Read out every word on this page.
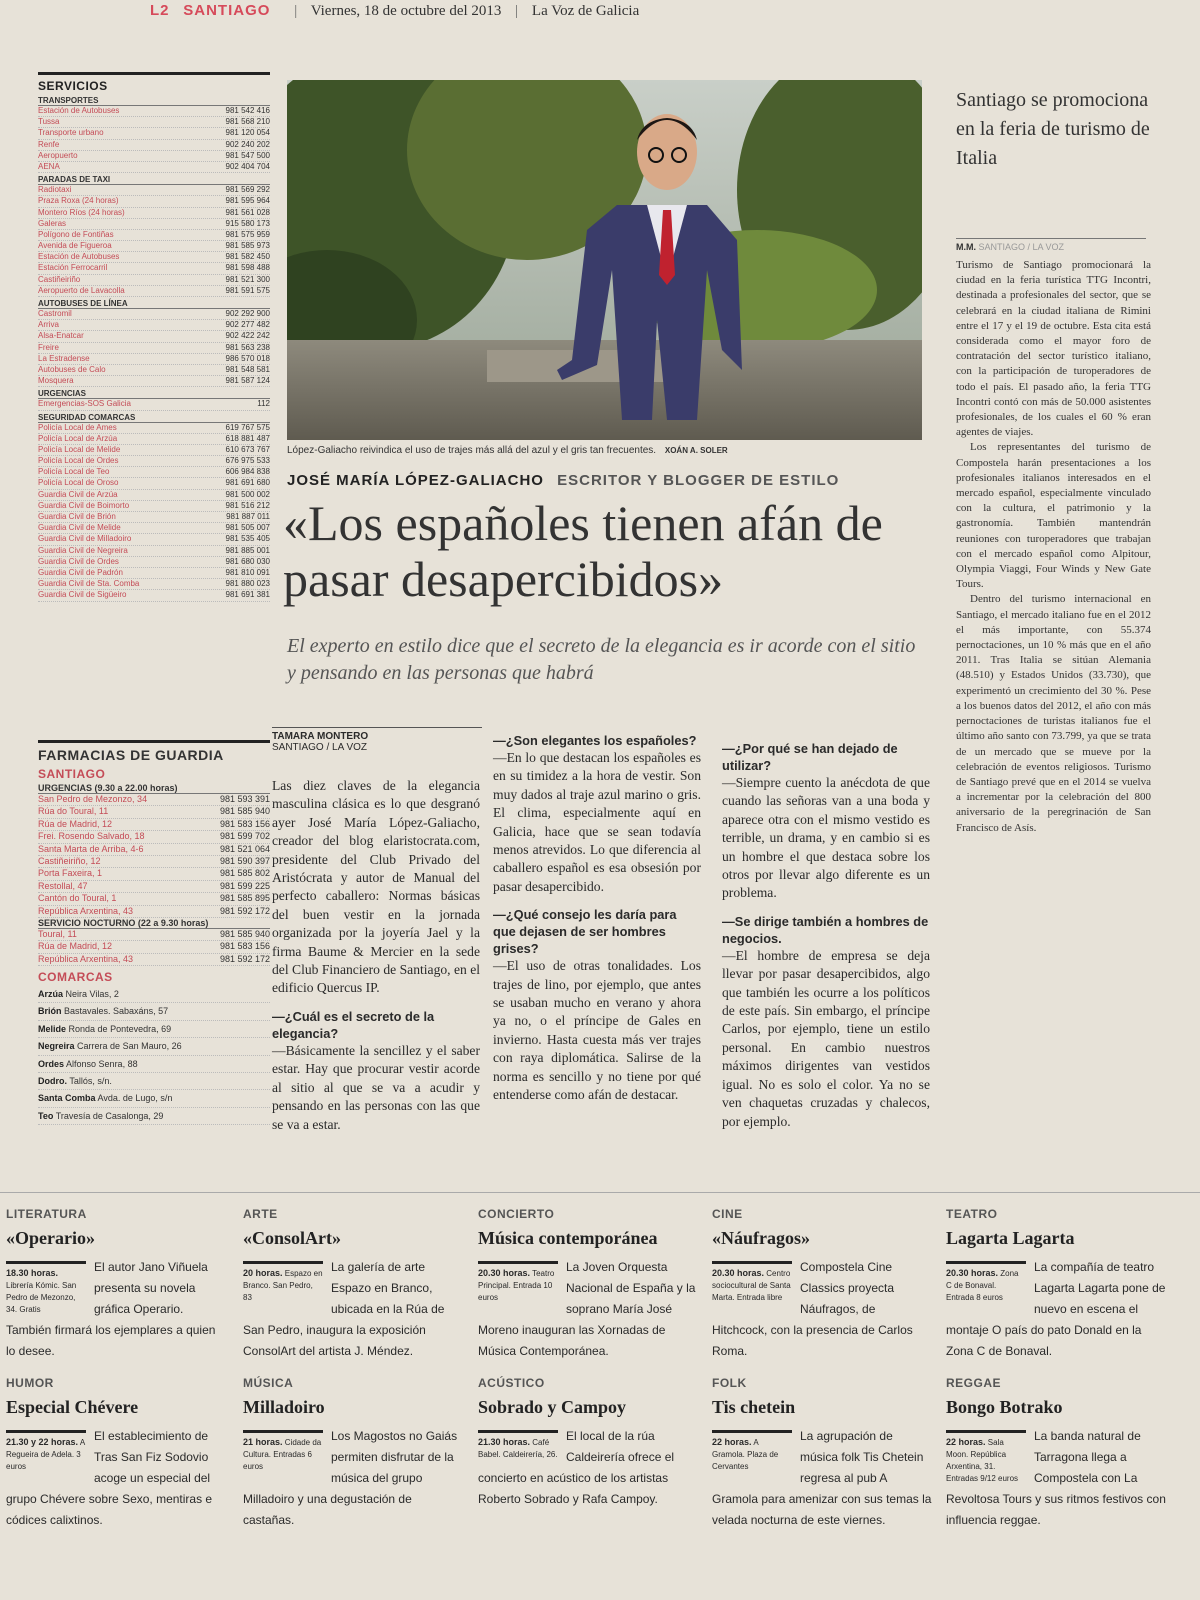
L2 SANTIAGO | Viernes, 18 de octubre del 2013 | La Voz de Galicia
SERVICIOS
TRANSPORTES
Estación de Autobuses	981 542 416
Tussa	981 568 210
Transporte urbano	981 120 054
Renfe	902 240 202
Aeropuerto	981 547 500
AENA	902 404 704
PARADAS DE TAXI
Radiotaxi	981 569 292
Praza Roxa (24 horas)	981 595 964
Montero Ríos (24 horas)	981 561 028
Galeras	915 580 173
Polígono de Fontiñas	981 575 959
Avenida de Figueroa	981 585 973
Estación de Autobuses	981 582 450
Estación Ferrocarril	981 598 488
Castiñeiriño	981 521 300
Aeropuerto de Lavacolla	981 591 575
AUTOBUSES DE LÍNEA
Castromil	902 292 900
Arriva	902 277 482
Alsa-Enatcar	902 422 242
Freire	981 563 238
La Estradense	986 570 018
Autobuses de Calo	981 548 581
Mosquera	981 587 124
URGENCIAS
Emergencias-SOS Galicia	112
SEGURIDAD COMARCAS
Policía Local de Ames	619 767 575
Policía Local de Arzúa	618 881 487
Policía Local de Melide	610 673 767
Policía Local de Ordes	676 975 533
Policía Local de Teo	606 984 838
Policía Local de Oroso	981 691 680
Guardia Civil de Arzúa	981 500 002
Guardia Civil de Boimorto	981 516 212
Guardia Civil de Brión	981 887 011
Guardia Civil de Melide	981 505 007
Guardia Civil de Milladoiro	981 535 405
Guardia Civil de Negreira	981 885 001
Guardia Civil de Ordes	981 680 030
Guardia Civil de Padrón	981 810 091
Guardia Civil de Sta. Comba	981 880 023
Guardia Civil de Sigüeiro	981 691 381
FARMACIAS DE GUARDIA
SANTIAGO
URGENCIAS (9.30 a 22.00 horas)
San Pedro de Mezonzo, 34	981 593 391
Rúa do Toural, 11	981 585 940
Rúa de Madrid, 12	981 583 156
Frei. Rosendo Salvado, 18	981 599 702
Santa Marta de Arriba, 4-6	981 521 064
Castiñeiriño, 12	981 590 397
Porta Faxeira, 1	981 585 802
Restollal, 47	981 599 225
Cantón do Toural, 1	981 585 895
República Arxentina, 43	981 592 172
SERVICIO NOCTURNO (22 a 9.30 horas)
Toural, 11	981 585 940
Rúa de Madrid, 12	981 583 156
República Arxentina, 43	981 592 172
COMARCAS
Arzúa Neira Vilas, 2
Brión Bastavales. Sabaxáns, 57
Melide Ronda de Pontevedra, 69
Negreira Carrera de San Mauro, 26
Ordes Alfonso Senra, 88
Dodro. Tallós, s/n.
Santa Comba Avda. de Lugo, s/n
Teo Travesía de Casalonga, 29
López-Galiacho reivindica el uso de trajes más allá del azul y el gris tan frecuentes. XOÁN A. SOLER
JOSÉ MARÍA LÓPEZ-GALIACHO ESCRITOR Y BLOGGER DE ESTILO
«Los españoles tienen afán de pasar desapercibidos»
El experto en estilo dice que el secreto de la elegancia es ir acorde con el sitio y pensando en las personas que habrá
TAMARA MONTERO
SANTIAGO / LA VOZ

Las diez claves de la elegancia masculina clásica es lo que desgranó ayer José María López-Galiacho, creador del blog elaristocrata.com, presidente del Club Privado del Aristócrata y autor de Manual del perfecto caballero: Normas básicas del buen vestir en la jornada organizada por la joyería Jael y la firma Baume & Mercier en la sede del Club Financiero de Santiago, en el edificio Quercus IP.

—¿Cuál es el secreto de la elegancia?

—Básicamente la sencillez y el saber estar. Hay que procurar vestir acorde al sitio al que se va a acudir y pensando en las personas con las que se va a estar.

—¿Son elegantes los españoles?

—En lo que destacan los españoles es en su timidez a la hora de vestir. Son muy dados al traje azul marino o gris. El clima, especialmente aquí en Galicia, hace que se sean todavía menos atrevidos. Lo que diferencia al caballero español es esa obsesión por pasar desapercibido.

—¿Qué consejo les daría para que dejasen de ser hombres grises?

—El uso de otras tonalidades. Los trajes de lino, por ejemplo, que antes se usaban mucho en verano y ahora ya no, o el príncipe de Gales en invierno. Hasta cuesta más ver trajes con raya diplomática. Salirse de la norma es sencillo y no tiene por qué entenderse como afán de destacar.

—¿Por qué se han dejado de utilizar?

—Siempre cuento la anécdota de que cuando las señoras van a una boda y aparece otra con el mismo vestido es terrible, un drama, y en cambio si es un hombre el que destaca sobre los otros por llevar algo diferente es un problema.

—Se dirige también a hombres de negocios.

—El hombre de empresa se deja llevar por pasar desapercibidos, algo que también les ocurre a los políticos de este país. Sin embargo, el príncipe Carlos, por ejemplo, tiene un estilo personal. En cambio nuestros máximos dirigentes van vestidos igual. No es solo el color. Ya no se ven chaquetas cruzadas y chalecos, por ejemplo.

Santiago se promociona en la feria de turismo de Italia
M.M. SANTIAGO / LA VOZ

Turismo de Santiago promocionará la ciudad en la feria turística TTG Incontri, destinada a profesionales del sector, que se celebrará en la ciudad italiana de Rimini entre el 17 y el 19 de octubre. Esta cita está considerada como el mayor foro de contratación del sector turístico italiano, con la participación de turoperadores de todo el país. El pasado año, la feria TTG Incontri contó con más de 50.000 asistentes profesionales, de los cuales el 60 % eran agentes de viajes.

Los representantes del turismo de Compostela harán presentaciones a los profesionales italianos interesados en el mercado español, especialmente vinculado con la cultura, el patrimonio y la gastronomía. También mantendrán reuniones con turoperadores que trabajan con el mercado español como Alpitour, Olympia Viaggi, Four Winds y New Gate Tours.

Dentro del turismo internacional en Santiago, el mercado italiano fue en el 2012 el más importante, con 55.374 pernoctaciones, un 10 % más que en el año 2011. Tras Italia se sitúan Alemania (48.510) y Estados Unidos (33.730), que experimentó un crecimiento del 30 %. Pese a los buenos datos del 2012, el año con más pernoctaciones de turistas italianos fue el último año santo con 73.799, ya que se trata de un mercado que se mueve por la celebración de eventos religiosos. Turismo de Santiago prevé que en el 2014 se vuelva a incrementar por la celebración del 800 aniversario de la peregrinación de San Francisco de Asís.

LITERATURA
«Operario»
18.30 horas. Librería Kómic. San Pedro de Mezonzo, 34. Gratis
El autor Jano Viñuela presenta su novela gráfica Operario. También firmará los ejemplares a quien lo desee.
ARTE
«ConsolArt»
20 horas. Espazo en Branco. San Pedro, 83
La galería de arte Espazo en Branco, ubicada en la Rúa de San Pedro, inaugura la exposición ConsolArt del artista J. Méndez.
CONCIERTO
Música contemporánea
20.30 horas. Teatro Principal. Entrada 10 euros
La Joven Orquesta Nacional de España y la soprano María José Moreno inauguran las Xornadas de Música Contemporánea.
CINE
«Náufragos»
20.30 horas. Centro sociocultural de Santa Marta. Entrada libre
Compostela Cine Classics proyecta Náufragos, de Hitchcock, con la presencia de Carlos Roma.
TEATRO
Lagarta Lagarta
20.30 horas. Zona C de Bonaval. Entrada 8 euros
La compañía de teatro Lagarta Lagarta pone de nuevo en escena el montaje O país do pato Donald en la Zona C de Bonaval.
HUMOR
Especial Chévere
21.30 y 22 horas. A Regueira de Adela. 3 euros
El establecimiento de Tras San Fiz Sodovio acoge un especial del grupo Chévere sobre Sexo, mentiras e códices calixtinos.
MÚSICA
Milladoiro
21 horas. Cidade da Cultura. Entradas 6 euros
Los Magostos no Gaiás permiten disfrutar de la música del grupo Milladoiro y una degustación de castañas.
ACÚSTICO
Sobrado y Campoy
21.30 horas. Café Babel. Caldeirería, 26.
El local de la rúa Caldeirería ofrece el concierto en acústico de los artistas Roberto Sobrado y Rafa Campoy.
FOLK
Tis chetein
22 horas. A Gramola. Plaza de Cervantes
La agrupación de música folk Tis Chetein regresa al pub A Gramola para amenizar con sus temas la velada nocturna de este viernes.
REGGAE
Bongo Botrako
22 horas. Sala Moon. República Arxentina, 31. Entradas 9/12 euros
La banda natural de Tarragona llega a Compostela con La Revoltosa Tours y sus ritmos festivos con influencia reggae.
